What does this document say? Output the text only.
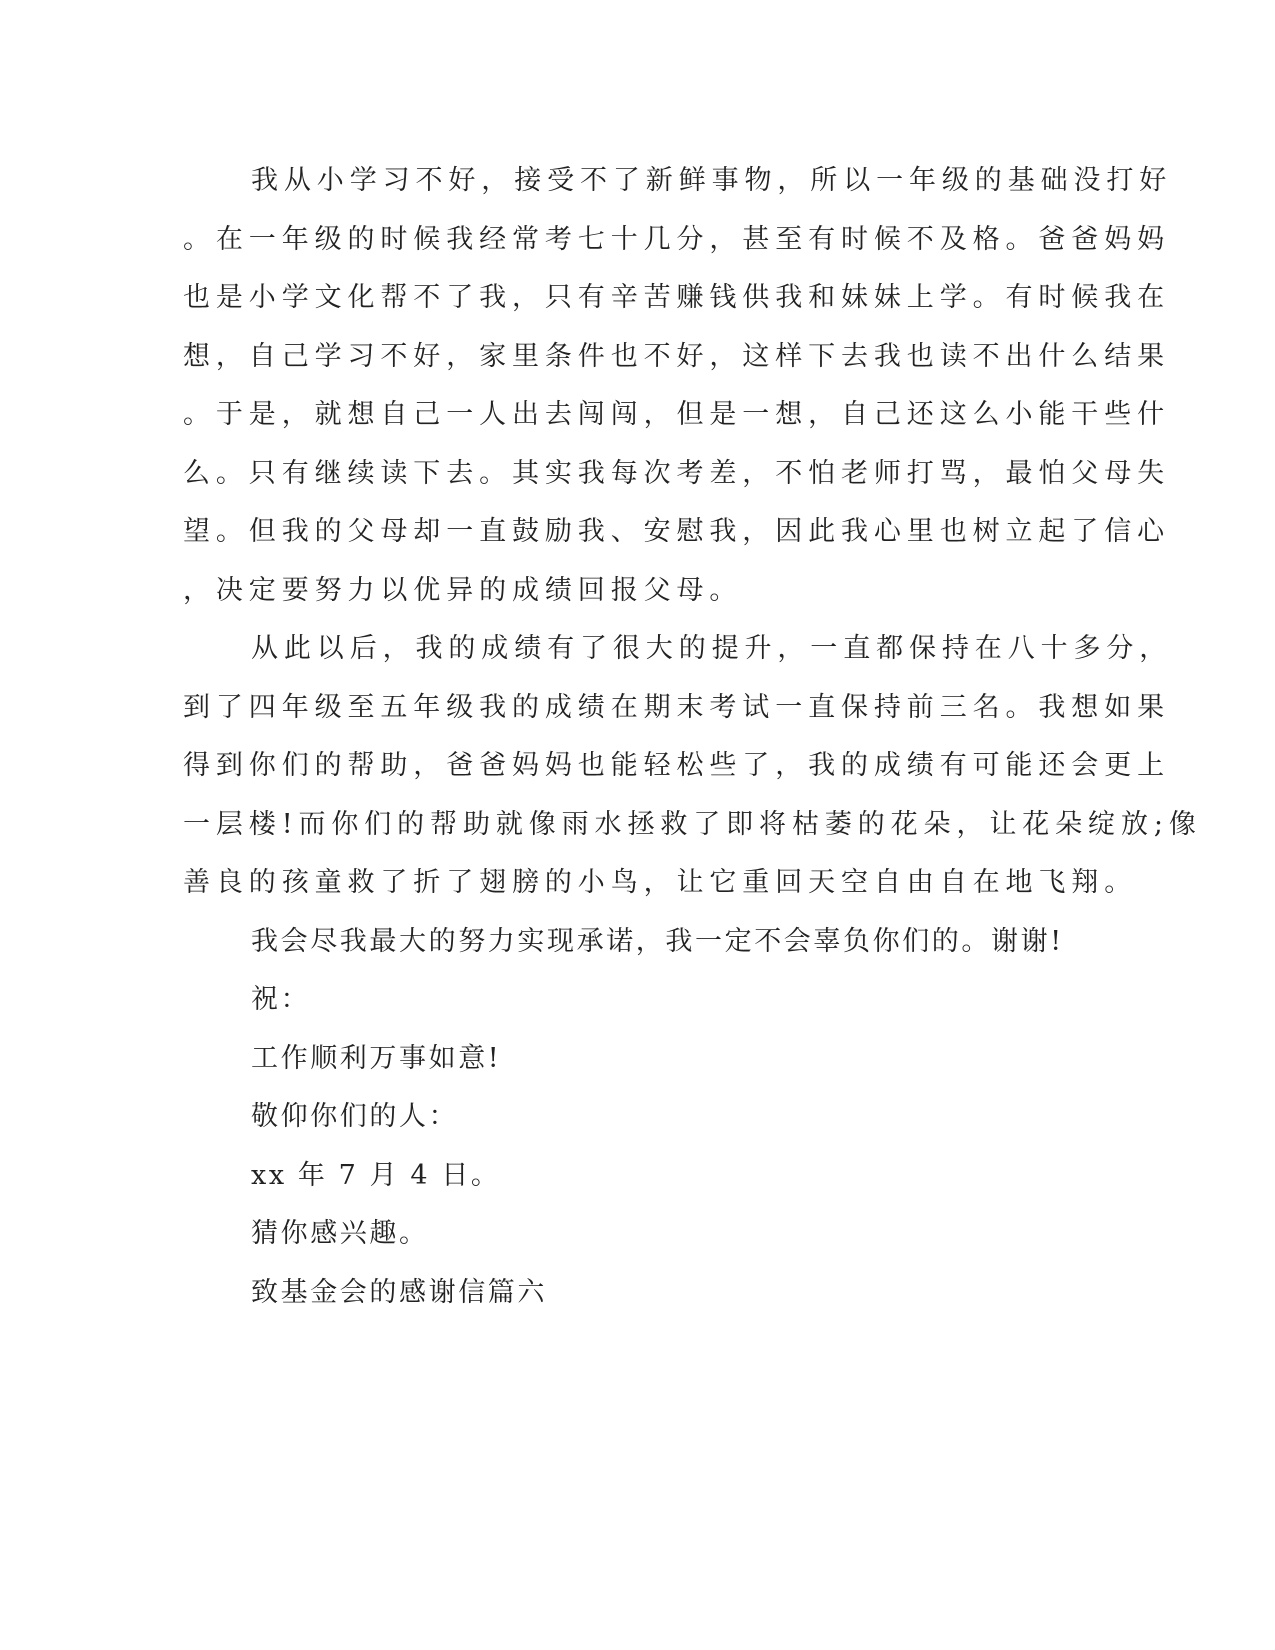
我从小学习不好，接受不了新鲜事物，所以一年级的基础没打好

。在一年级的时候我经常考七十几分，甚至有时候不及格。爸爸妈妈

也是小学文化帮不了我，只有辛苦赚钱供我和妹妹上学。有时候我在

想，自己学习不好，家里条件也不好，这样下去我也读不出什么结果

。于是，就想自己一人出去闯闯，但是一想，自己还这么小能干些什

么。只有继续读下去。其实我每次考差，不怕老师打骂，最怕父母失

望。但我的父母却一直鼓励我、安慰我，因此我心里也树立起了信心

，决定要努力以优异的成绩回报父母。

从此以后，我的成绩有了很大的提升，一直都保持在八十多分，

到了四年级至五年级我的成绩在期末考试一直保持前三名。我想如果

得到你们的帮助，爸爸妈妈也能轻松些了，我的成绩有可能还会更上

一层楼!而你们的帮助就像雨水拯救了即将枯萎的花朵，让花朵绽放;像

善良的孩童救了折了翅膀的小鸟，让它重回天空自由自在地飞翔。

我会尽我最大的努力实现承诺，我一定不会辜负你们的。谢谢!

祝：

工作顺利万事如意!

敬仰你们的人：

xx 年 7 月 4 日。

猜你感兴趣。

致基金会的感谢信篇六
